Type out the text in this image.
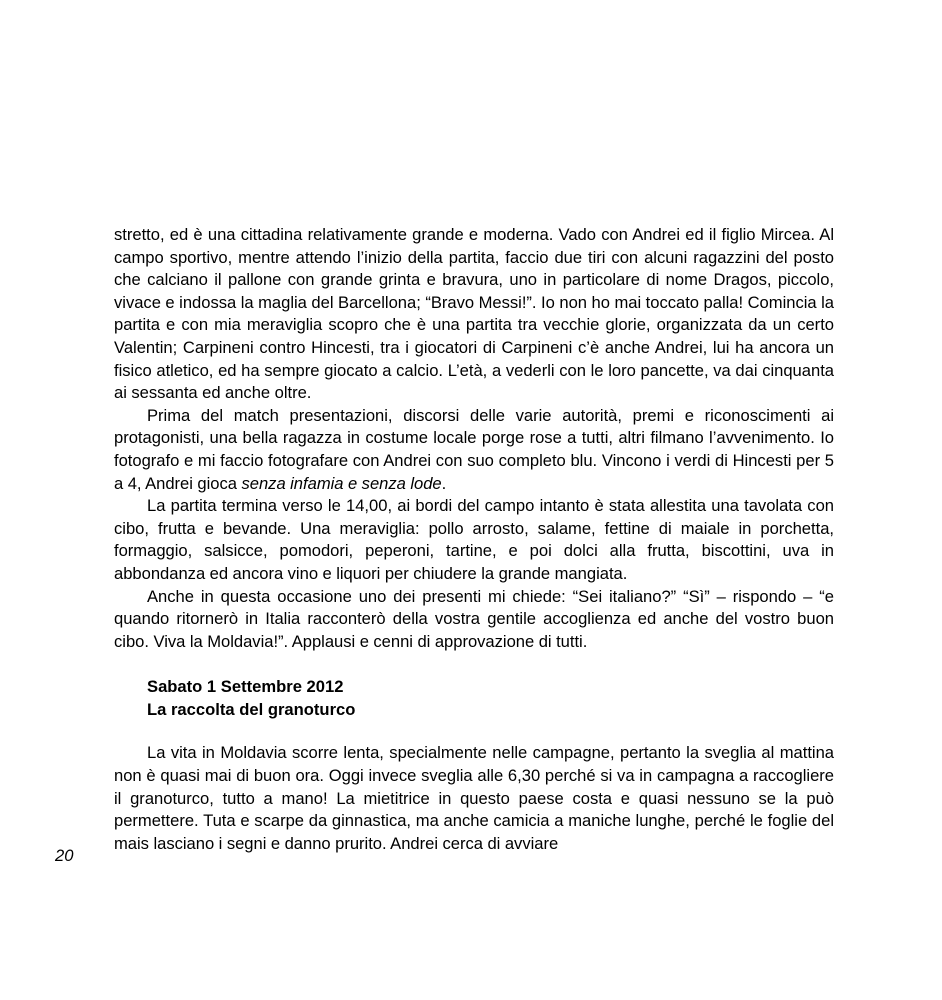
stretto, ed è una cittadina relativamente grande e moderna. Vado con Andrei ed il figlio Mircea. Al campo sportivo, mentre attendo l’inizio della partita, faccio due tiri con alcuni ragazzini del posto che calciano il pallone con grande grinta e bravura, uno in particolare di nome Dragos, piccolo, vivace e indossa la maglia del Barcellona; “Bravo Messi!”. Io non ho mai toccato palla! Comincia la partita e con mia meraviglia scopro che è una partita tra vecchie glorie, organizzata da un certo Valentin; Carpineni contro Hincesti, tra i giocatori di Carpineni c’è anche Andrei, lui ha ancora un fisico atletico, ed ha sempre giocato a calcio. L’età, a vederli con le loro pancette, va dai cinquanta ai sessanta ed anche oltre.

Prima del match presentazioni, discorsi delle varie autorità, premi e riconoscimenti ai protagonisti, una bella ragazza in costume locale porge rose a tutti, altri filmano l’avvenimento. Io fotografo e mi faccio fotografare con Andrei con suo completo blu. Vincono i verdi di Hincesti per 5 a 4, Andrei gioca senza infamia e senza lode.

La partita termina verso le 14,00, ai bordi del campo intanto è stata allestita una tavolata con cibo, frutta e bevande. Una meraviglia: pollo arrosto, salame, fettine di maiale in porchetta, formaggio, salsicce, pomodori, peperoni, tartine, e poi dolci alla frutta, biscottini, uva in abbondanza ed ancora vino e liquori per chiudere la grande mangiata.

Anche in questa occasione uno dei presenti mi chiede: “Sei italiano?” “Sì” – rispondo – “e quando ritornerò in Italia racconterò della vostra gentile accoglienza ed anche del vostro buon cibo. Viva la Moldavia!”. Applausi e cenni di approvazione di tutti.

Sabato 1 Settembre 2012
La raccolta del granoturco

La vita in Moldavia scorre lenta, specialmente nelle campagne, pertanto la sveglia al mattina non è quasi mai di buon ora. Oggi invece sveglia alle 6,30 perché si va in campagna a raccogliere il granoturco, tutto a mano! La mietitrice in questo paese costa e quasi nessuno se la può permettere. Tuta e scarpe da ginnastica, ma anche camicia a maniche lunghe, perché le foglie del mais lasciano i segni e danno prurito. Andrei cerca di avviare

20
